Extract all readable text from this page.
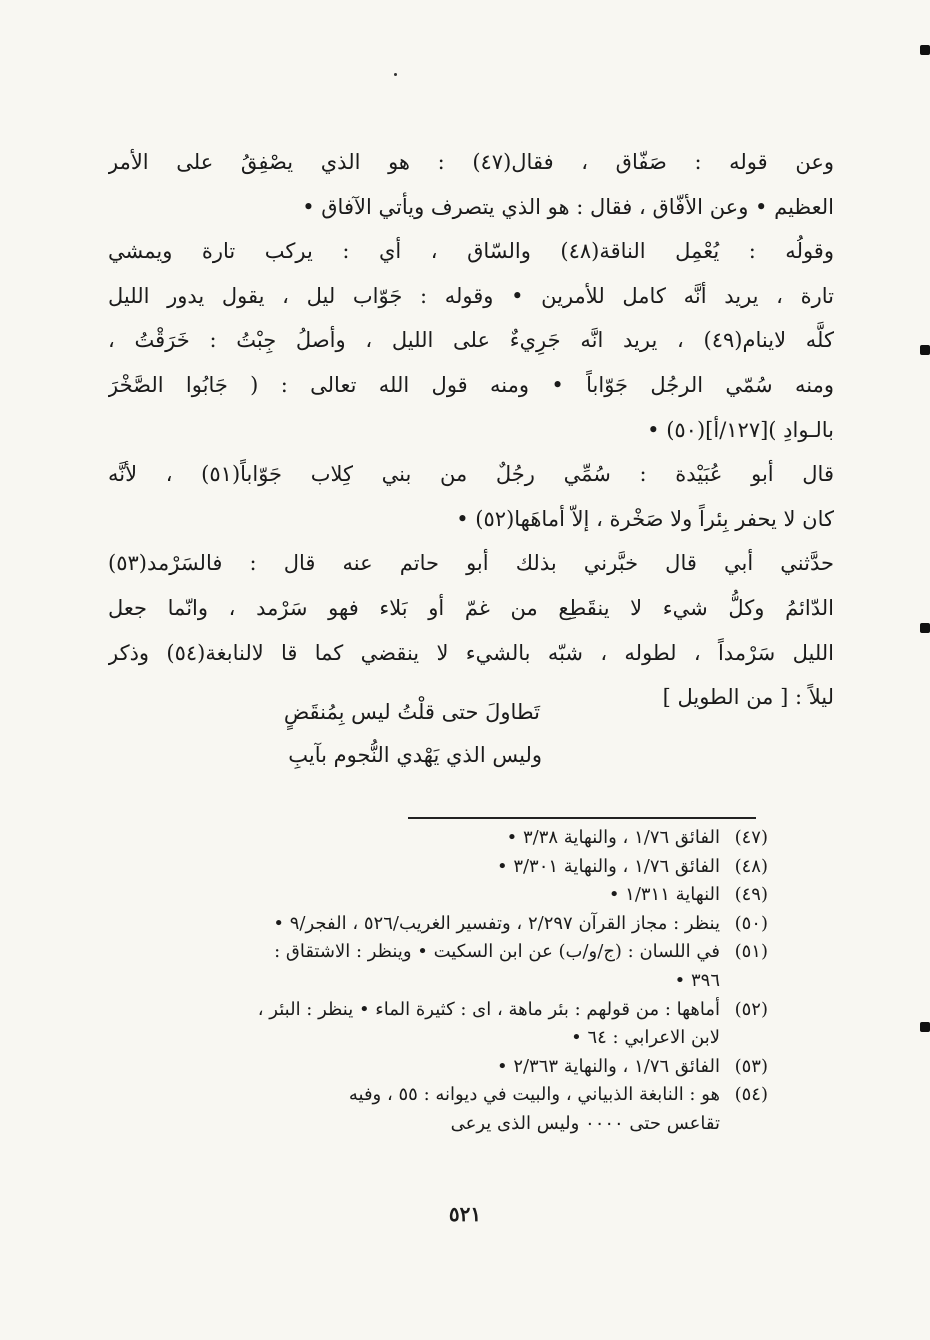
وعن قوله : صَفّاق ، فقال(٤٧) : هو الذي يصْفِقُ على الأمر
العظيم • وعن الأفّاق ، فقال : هو الذي يتصرف ويأتي الآفاق •
وقولُه : يُعْمِل الناقة(٤٨) والسّاق ، أي : يركب تارة ويمشي
تارة ، يريد أنَّه كامل للأمرين • وقوله : جَوّاب ليل ، يقول يدور الليل
كلَّه لاينام(٤٩) ، يريد انَّه جَرِيءٌ على الليل ، وأصلُ جِبْتُ : خَرَقْتُ ،
ومنه سُمّي الرجُل جَوّاباً • ومنه قول الله تعالى : ( جَابُوا الصَّخْرَ
بالـوادِ )[١٢٧/أ](٥٠) •
قال أبو عُبَيْدة : سُمِّي رجُلٌ من بني كِلاب جَوّاباً(٥١) ، لأنَّه
كان لا يحفر بِئراً ولا صَخْرة ، إلاّ أماهَها(٥٢) •
حدَّثني أبي قال خبَّرني بذلك أبو حاتم عنه قال : فالسَرْمد(٥٣)
الدّائمُ وكلُّ شيء لا ينقَطِع من غمّ أو بَلاء فهو سَرْمد ، وانّما جعل
الليل سَرْمداً ، لطوله ، شبّه بالشيء لا ينقضي كما قا لالنابغة(٥٤) وذكر
ليلاً : [ من الطويل ]
تَطاولَ حتى قلْتُ ليس بِمُنقَضٍ
وليس الذي يَهْدي النُّجوم بآيبِ
(٤٧)
الفائق ١/٧٦ ، والنهاية ٣/٣٨ •
(٤٨)
الفائق ١/٧٦ ، والنهاية ٣/٣٠١ •
(٤٩)
النهاية ١/٣١١ •
(٥٠)
ينظر : مجاز القرآن ٢/٢٩٧ ، وتفسير الغريب/٥٢٦ ، الفجر/٩ •
(٥١)
في اللسان : (ج/و/ب) عن ابن السكيت • وينظر : الاشتقاق :
٣٩٦ •
(٥٢)
أماهها : من قولهم : بئر ماهة ، اى : كثيرة الماء • ينظر : البئر ،
لابن الاعرابي : ٦٤ •
(٥٣)
الفائق ١/٧٦ ، والنهاية ٢/٣٦٣ •
(٥٤)
هو : النابغة الذبياني ، والبيت في ديوانه : ٥٥ ، وفيه
تقاعس حتى ٠٠٠٠ وليس الذى يرعى
٥٢١
